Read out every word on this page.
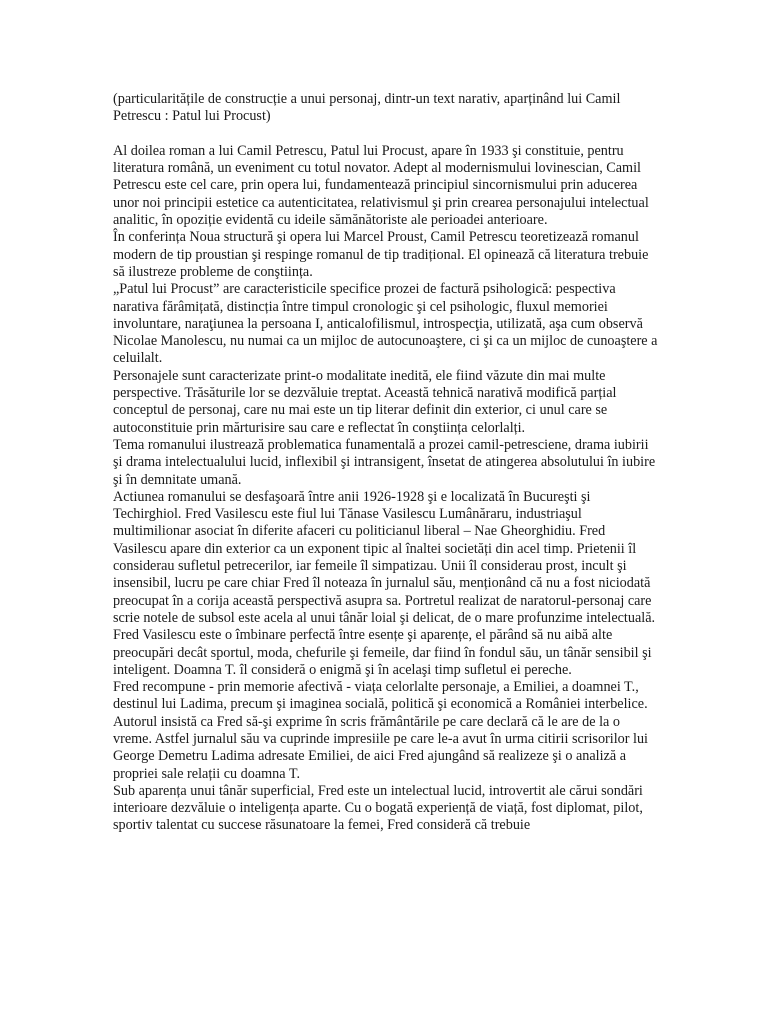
(particularitățile de construcție a unui personaj, dintr-un text narativ, aparținând lui Camil Petrescu : Patul lui Procust)

Al doilea roman a lui Camil Petrescu, Patul lui Procust, apare în 1933 şi constituie, pentru literatura română, un eveniment cu totul novator. Adept al modernismului lovinescian, Camil Petrescu este cel care, prin opera lui, fundamentează principiul sincornismului prin aducerea unor noi principii estetice ca autenticitatea, relativismul şi prin crearea personajului intelectual analitic, în opoziție evidentă cu ideile sămănătoriste ale perioadei anterioare.

În conferința Noua structură şi opera lui Marcel Proust, Camil Petrescu teoretizează romanul modern de tip proustian şi respinge romanul de tip tradițional. El opinează că literatura trebuie să ilustreze probleme de conştiința.

„Patul lui Procust” are caracteristicile specifice prozei de factură psihologică: pespectiva narativa fărâmițată, distincția între timpul cronologic şi cel psihologic, fluxul memoriei involuntare, naraţiunea la persoana I, anticalofilismul, introspecţia, utilizată, aşa cum observă Nicolae Manolescu, nu numai ca un mijloc de autocunoaştere, ci şi ca un mijloc de cunoaştere a celuilalt.

Personajele sunt caracterizate print-o modalitate inedită, ele fiind văzute din mai multe perspective. Trăsăturile lor se dezvăluie treptat. Această tehnică narativă modifică parțial conceptul de personaj, care nu mai este un tip literar definit din exterior, ci unul care se autoconstituie prin mărturisire sau care e reflectat în conştiința celorlalți.

Tema romanului ilustrează problematica funamentală a prozei camil-petresciene, drama iubirii şi drama intelectualului lucid, inflexibil şi intransigent, însetat de atingerea absolutului în iubire şi în demnitate umană.

Actiunea romanului se desfaşoară între anii 1926-1928 şi e localizată în Bucureşti şi Techirghiol. Fred Vasilescu este fiul lui Tănase Vasilescu Lumânăraru, industriaşul multimilionar asociat în diferite afaceri cu politicianul liberal – Nae Gheorghidiu. Fred Vasilescu apare din exterior ca un exponent tipic al înaltei societăți din acel timp. Prietenii îl considerau sufletul petrecerilor, iar femeile îl simpatizau. Unii îl considerau prost, incult şi insensibil, lucru pe care chiar Fred îl noteaza în jurnalul său, menționând că nu a fost niciodată preocupat în a corija această perspectivă asupra sa. Portretul realizat de naratorul-personaj care scrie notele de subsol este acela al unui tânăr loial şi delicat, de o mare profunzime intelectuală.

Fred Vasilescu este o îmbinare perfectă între esențe şi aparențe, el părând să nu aibă alte preocupări decât sportul, moda, chefurile şi femeile, dar fiind în fondul său, un tânăr sensibil şi inteligent. Doamna T. îl consideră o enigmă şi în acelaşi timp sufletul ei pereche.

Fred recompune - prin memorie afectivă - viața celorlalte personaje, a Emiliei, a doamnei T., destinul lui Ladima, precum şi imaginea socială, politică şi economică a României interbelice. Autorul insistă ca Fred să-şi exprime în scris frământările pe care declară că le are de la o vreme. Astfel jurnalul său va cuprinde impresiile pe care le-a avut în urma citirii scrisorilor lui George Demetru Ladima adresate Emiliei, de aici Fred ajungând să realizeze şi o analiză a propriei sale relații cu doamna T.

Sub aparența unui tânăr superficial, Fred este un intelectual lucid, introvertit ale cărui sondări interioare dezvăluie o inteligența aparte. Cu o bogată experiență de viață, fost diplomat, pilot, sportiv talentat cu succese răsunatoare la femei, Fred consideră că trebuie
